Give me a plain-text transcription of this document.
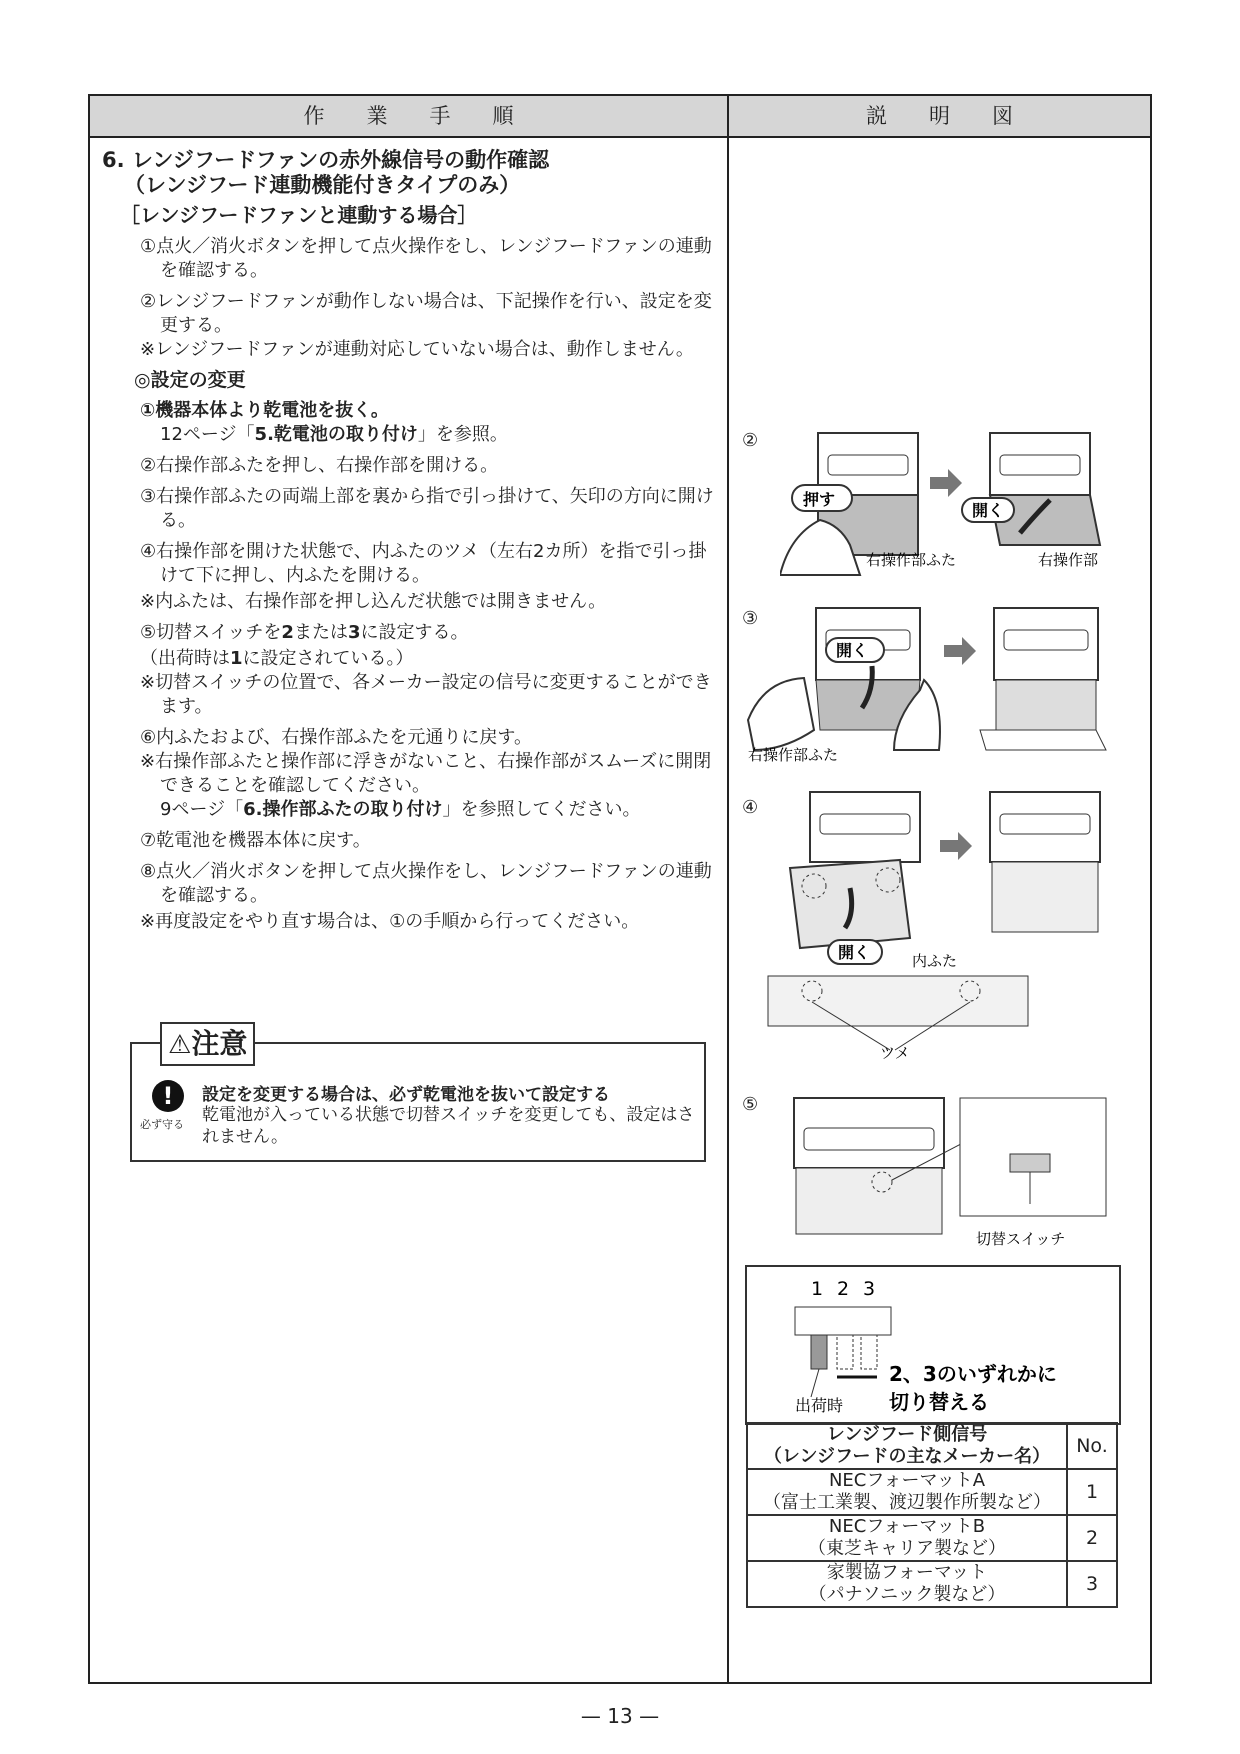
作　　業　　手　　順	説　　明　　図

6. レンジフードファンの赤外線信号の動作確認

（レンジフード連動機能付きタイプのみ）

［レンジフードファンと連動する場合］

①点火／消火ボタンを押して点火操作をし、レンジフードファンの連動を確認する。

②レンジフードファンが動作しない場合は、下記操作を行い、設定を変更する。

※レンジフードファンが連動対応していない場合は、動作しません。

◎設定の変更

①機器本体より乾電池を抜く。

12ページ「5.乾電池の取り付け」を参照。

②右操作部ふたを押し、右操作部を開ける。

③右操作部ふたの両端上部を裏から指で引っ掛けて、矢印の方向に開ける。

④右操作部を開けた状態で、内ふたのツメ（左右2カ所）を指で引っ掛けて下に押し、内ふたを開ける。

※内ふたは、右操作部を押し込んだ状態では開きません。

⑤切替スイッチを2または3に設定する。

（出荷時は1に設定されている。）

※切替スイッチの位置で、各メーカー設定の信号に変更することができます。

⑥内ふたおよび、右操作部ふたを元通りに戻す。

※右操作部ふたと操作部に浮きがないこと、右操作部がスムーズに開閉できることを確認してください。

9ページ「6.操作部ふたの取り付け」を参照してください。

⑦乾電池を機器本体に戻す。

⑧点火／消火ボタンを押して点火操作をし、レンジフードファンの連動を確認する。

※再度設定をやり直す場合は、①の手順から行ってください。

⚠注意
!
必ず守る
設定を変更する場合は、必ず乾電池を抜いて設定する
乾電池が入っている状態で切替スイッチを変更しても、設定はされません。
②
③
④
⑤
押す
開く
右操作部ふた	右操作部
開く
右操作部ふた
開く	内ふた
ツメ
切替スイッチ
1 2 3
出荷時
2、3のいずれかに
切り替える
レンジフード側信号
（レンジフードの主なメーカー名）	No.

NECフォーマットA
（富士工業製、渡辺製作所製など）	1

NECフォーマットB
（東芝キャリア製など）	2

家製協フォーマット
（パナソニック製など）	3
— 13 —
